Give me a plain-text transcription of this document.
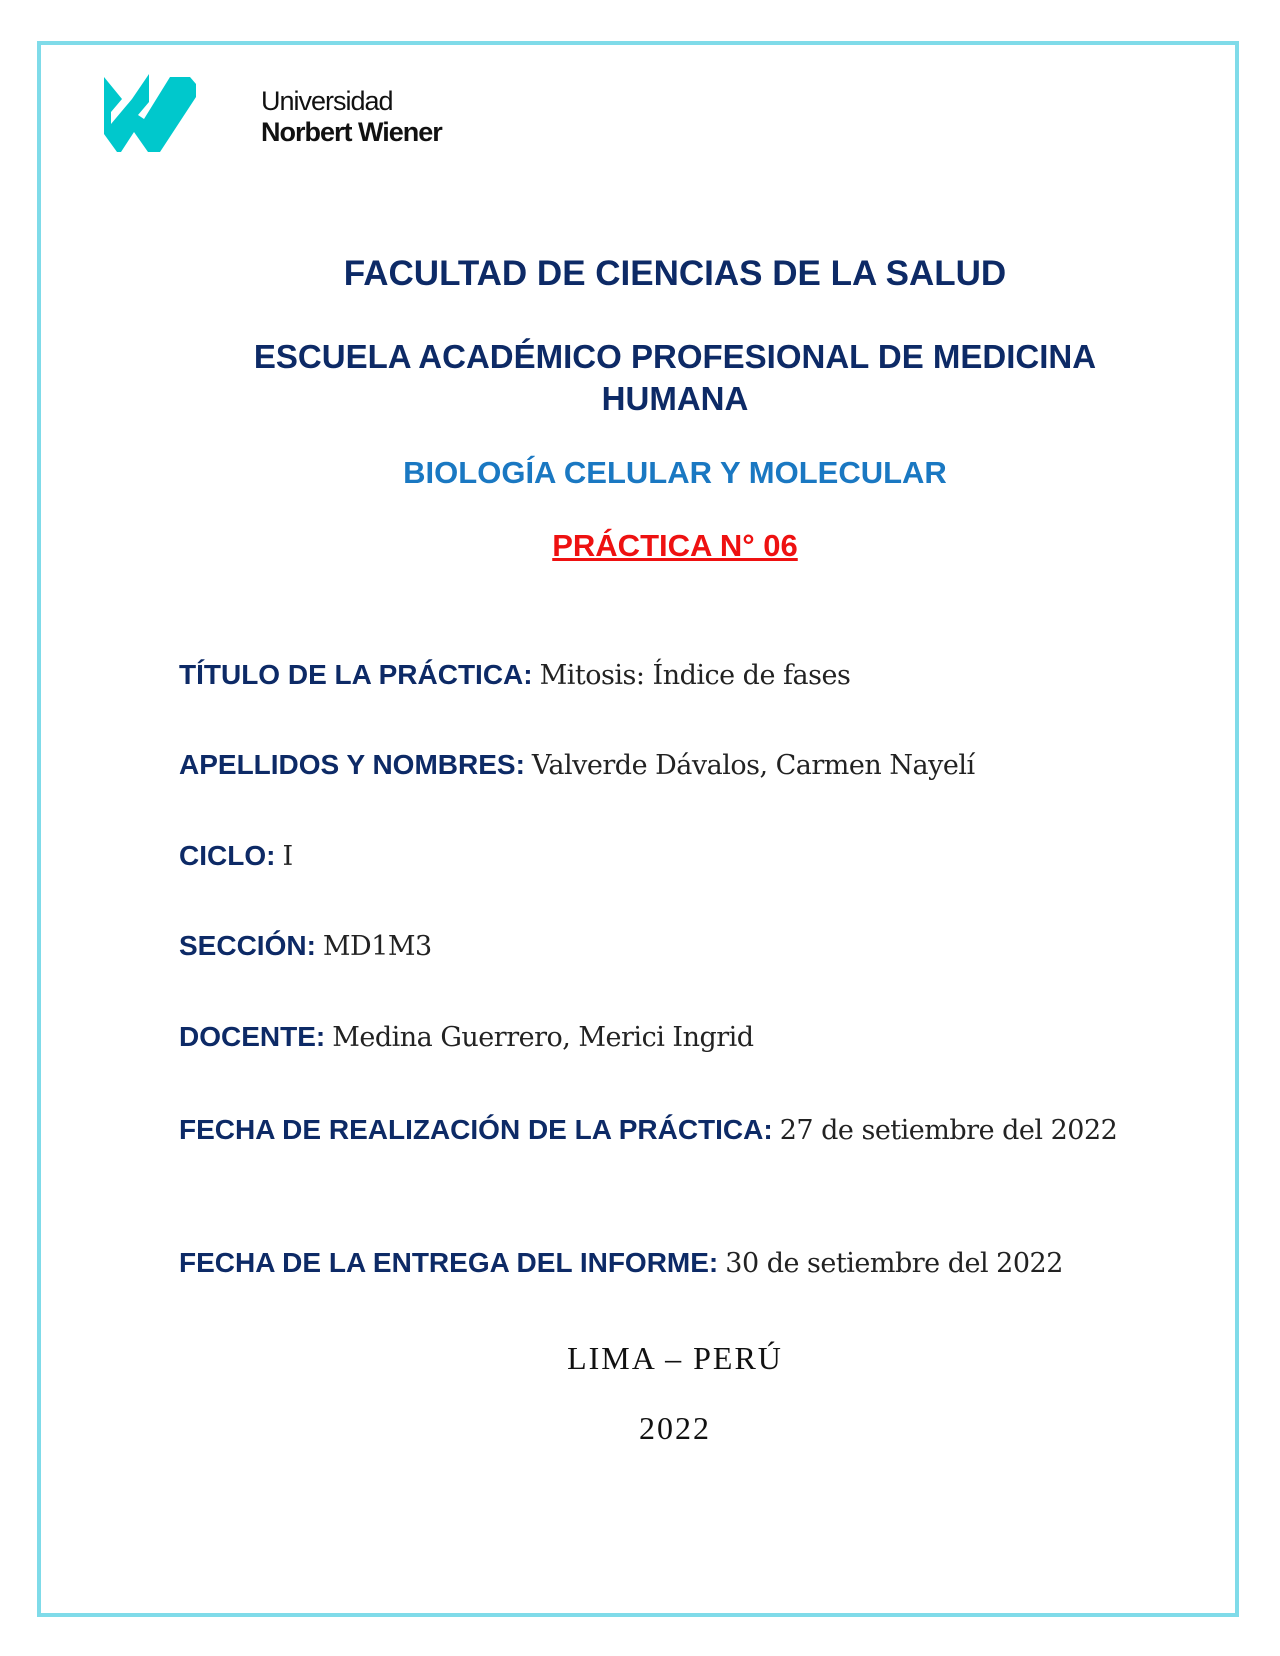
Universidad
Norbert Wiener
FACULTAD DE CIENCIAS DE LA SALUD
ESCUELA ACADÉMICO PROFESIONAL DE MEDICINA HUMANA
BIOLOGÍA CELULAR Y MOLECULAR
PRÁCTICA N° 06
TÍTULO DE LA PRÁCTICA: Mitosis: Índice de fases
APELLIDOS Y NOMBRES: Valverde Dávalos, Carmen Nayelí
CICLO: I
SECCIÓN: MD1M3
DOCENTE: Medina Guerrero, Merici Ingrid
FECHA DE REALIZACIÓN DE LA PRÁCTICA: 27 de setiembre del 2022
FECHA DE LA ENTREGA DEL INFORME: 30 de setiembre del 2022
LIMA – PERÚ
2022
